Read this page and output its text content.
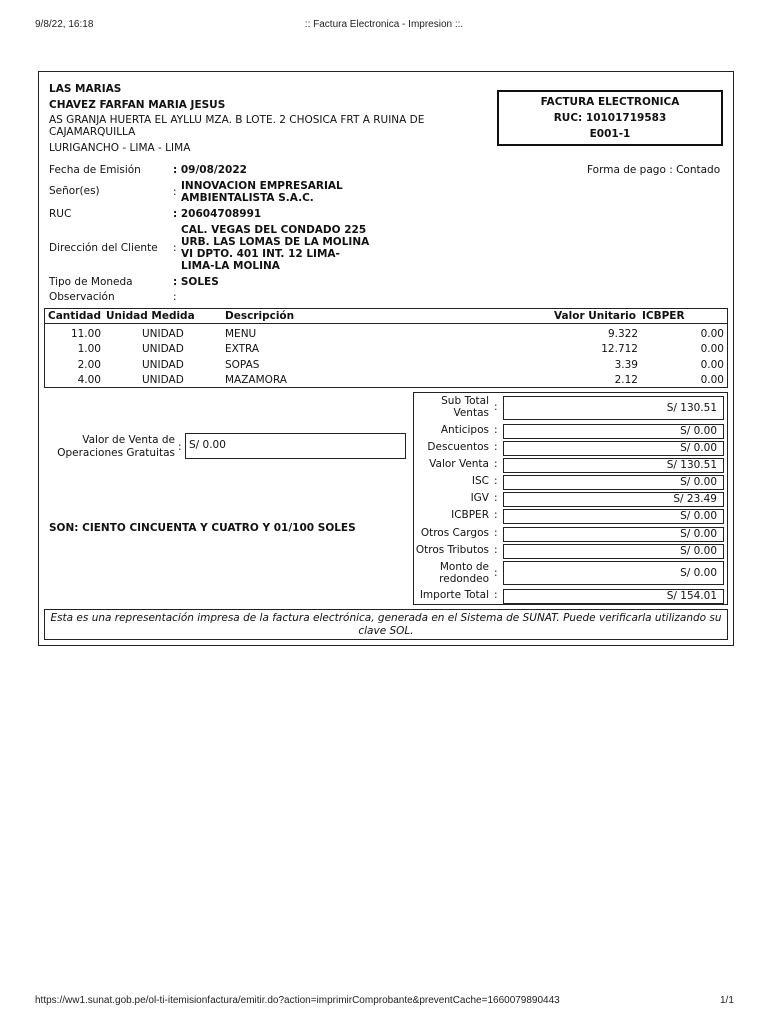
9/8/22, 16:18	:: Factura Electronica - Impresion ::.
LAS MARIAS
CHAVEZ FARFAN MARIA JESUS
AS GRANJA HUERTA EL AYLLU MZA. B LOTE. 2 CHOSICA FRT A RUINA DE
CAJAMARQUILLA
LURIGANCHO - LIMA - LIMA
FACTURA ELECTRONICA
RUC: 10101719583
E001-1
Fecha de Emisión	: 09/08/2022	Forma de pago : Contado
Señor(es)	: INNOVACION EMPRESARIAL
AMBIENTALISTA S.A.C.
RUC	: 20604708991
Dirección del Cliente :
CAL. VEGAS DEL CONDADO 225
URB. LAS LOMAS DE LA MOLINA
VI DPTO. 401 INT. 12 LIMA-
LIMA-LA MOLINA
Tipo de Moneda	: SOLES
Observación	:
Cantidad Unidad Medida	Descripción	Valor Unitario ICBPER
11.00	UNIDAD	MENU	9.322	0.00
1.00	UNIDAD	EXTRA	12.712	0.00
2.00	UNIDAD	SOPAS	3.39	0.00
4.00	UNIDAD	MAZAMORA	2.12	0.00
Valor de Venta de
Operaciones Gratuitas : S/ 0.00
SON: CIENTO CINCUENTA Y CUATRO Y 01/100 SOLES
Sub Total
Ventas :	S/ 130.51
Anticipos :	S/ 0.00
Descuentos :	S/ 0.00
Valor Venta :	S/ 130.51
ISC :	S/ 0.00
IGV :	S/ 23.49
ICBPER :	S/ 0.00
Otros Cargos :	S/ 0.00
Otros Tributos :	S/ 0.00
Monto de
redondeo :	S/ 0.00
Importe Total :	S/ 154.01
Esta es una representación impresa de la factura electrónica, generada en el Sistema de SUNAT. Puede verificarla utilizando su clave SOL.
https://ww1.sunat.gob.pe/ol-ti-itemisionfactura/emitir.do?action=imprimirComprobante&preventCache=1660079890443	1/1
